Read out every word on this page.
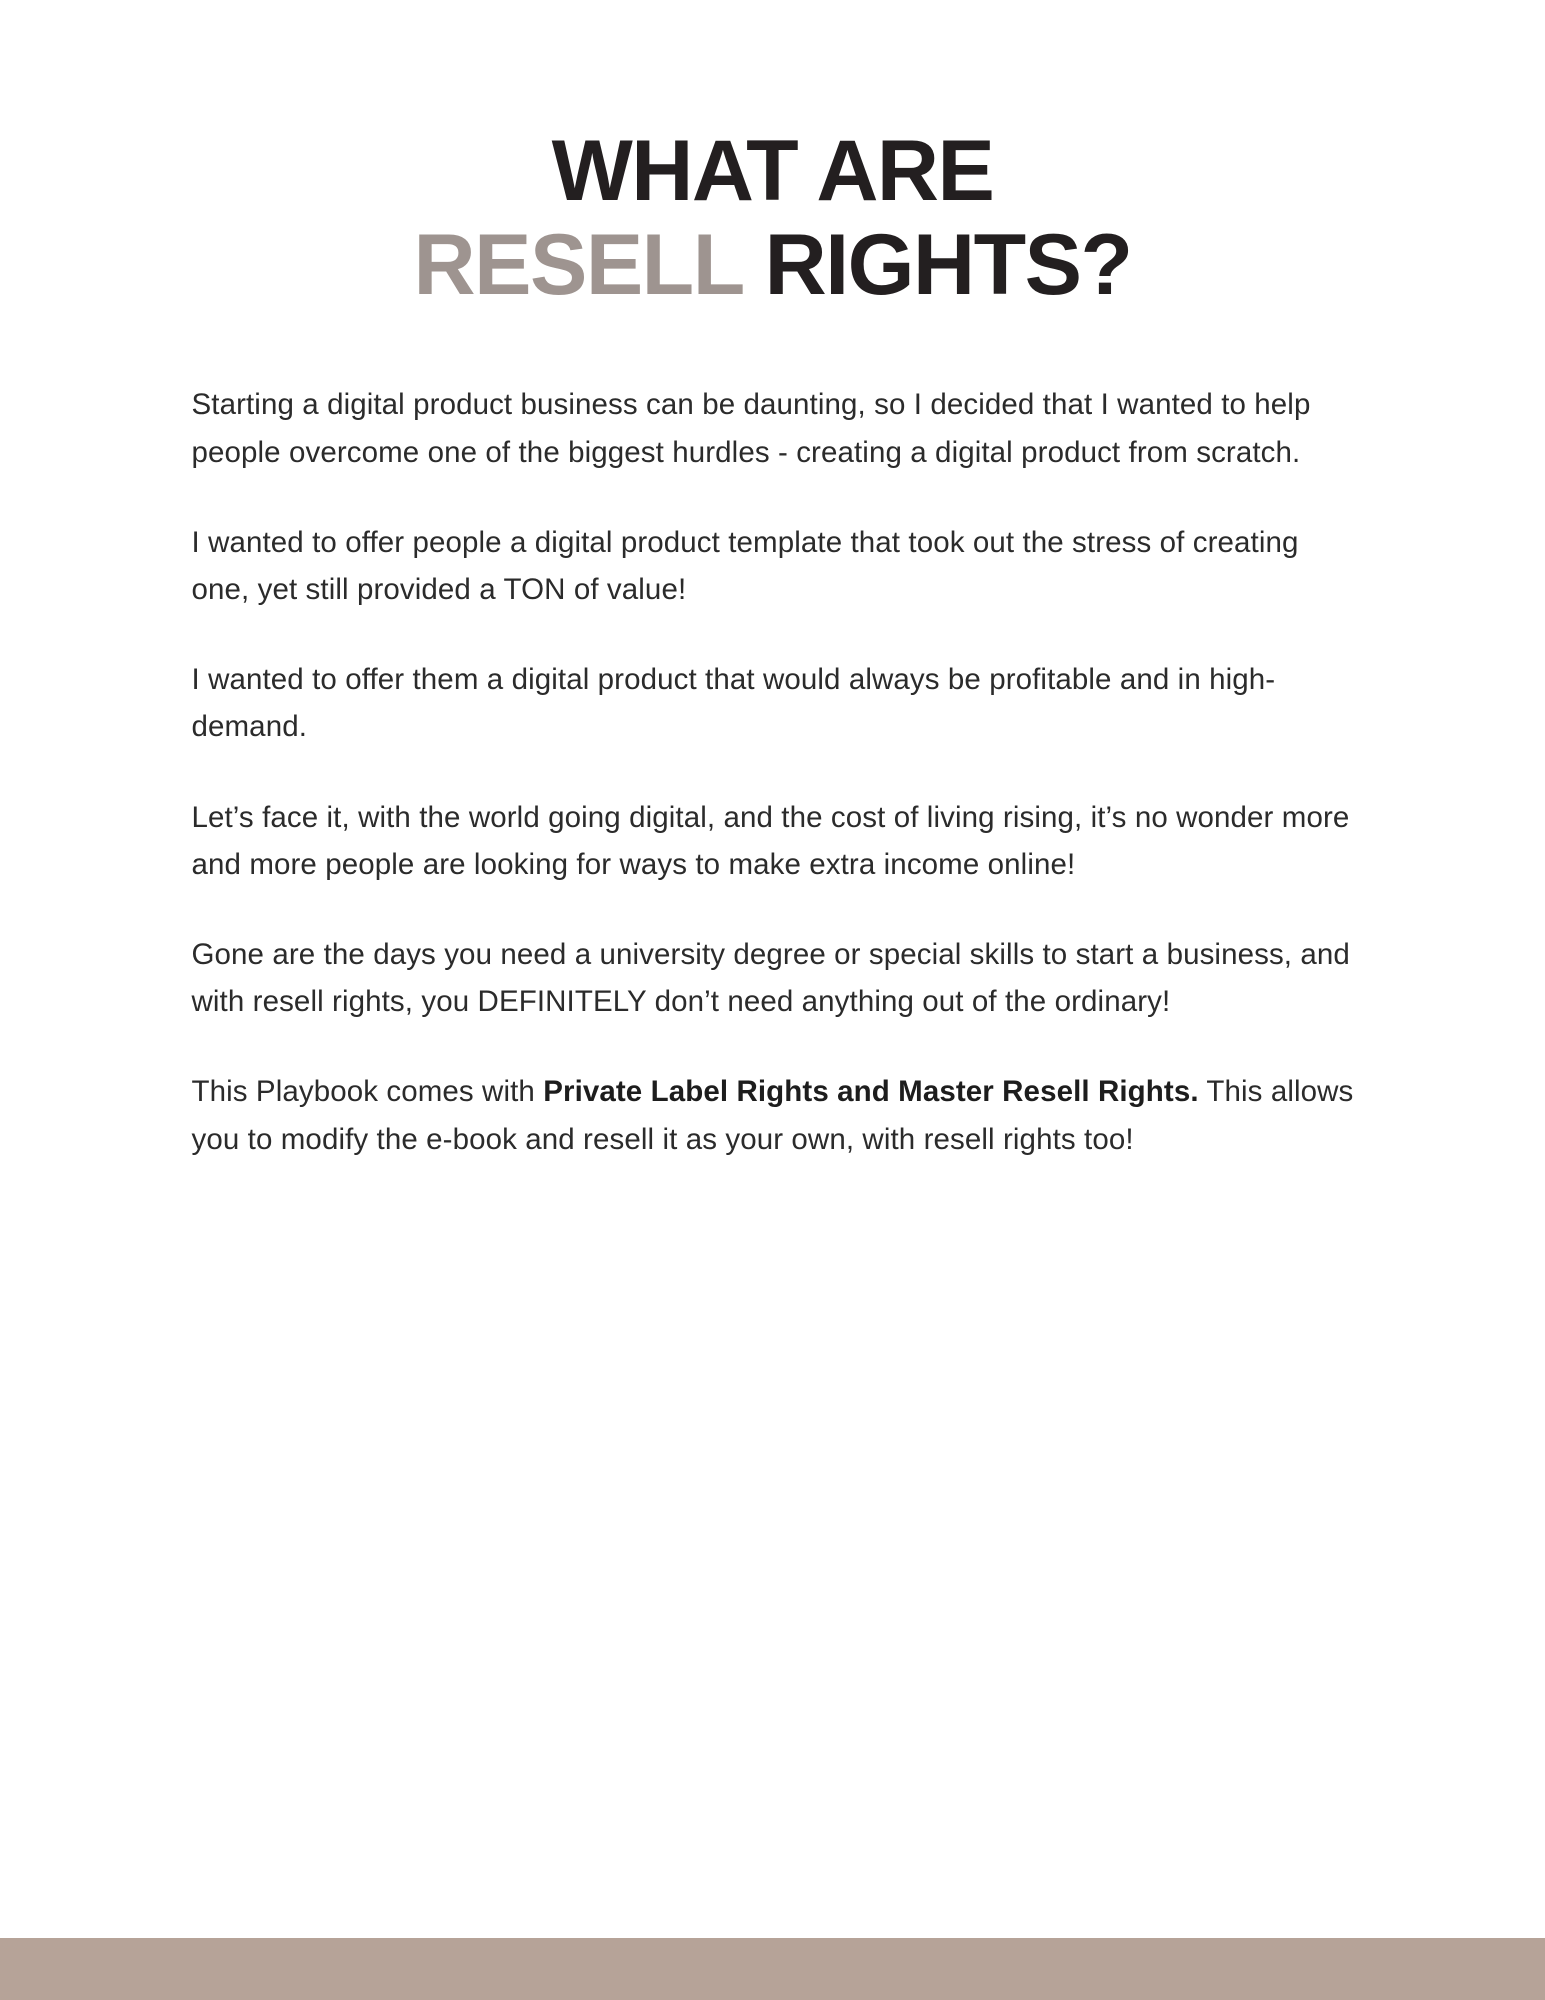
WHAT ARE
RESELL RIGHTS?

Starting a digital product business can be daunting, so I decided that I wanted to help people overcome one of the biggest hurdles - creating a digital product from scratch.

I wanted to offer people a digital product template that took out the stress of creating one, yet still provided a TON of value!

I wanted to offer them a digital product that would always be profitable and in high-demand.

Let’s face it, with the world going digital, and the cost of living rising, it’s no wonder more and more people are looking for ways to make extra income online!

Gone are the days you need a university degree or special skills to start a business, and with resell rights, you DEFINITELY don’t need anything out of the ordinary!

This Playbook comes with Private Label Rights and Master Resell Rights. This allows you to modify the e-book and resell it as your own, with resell rights too!
